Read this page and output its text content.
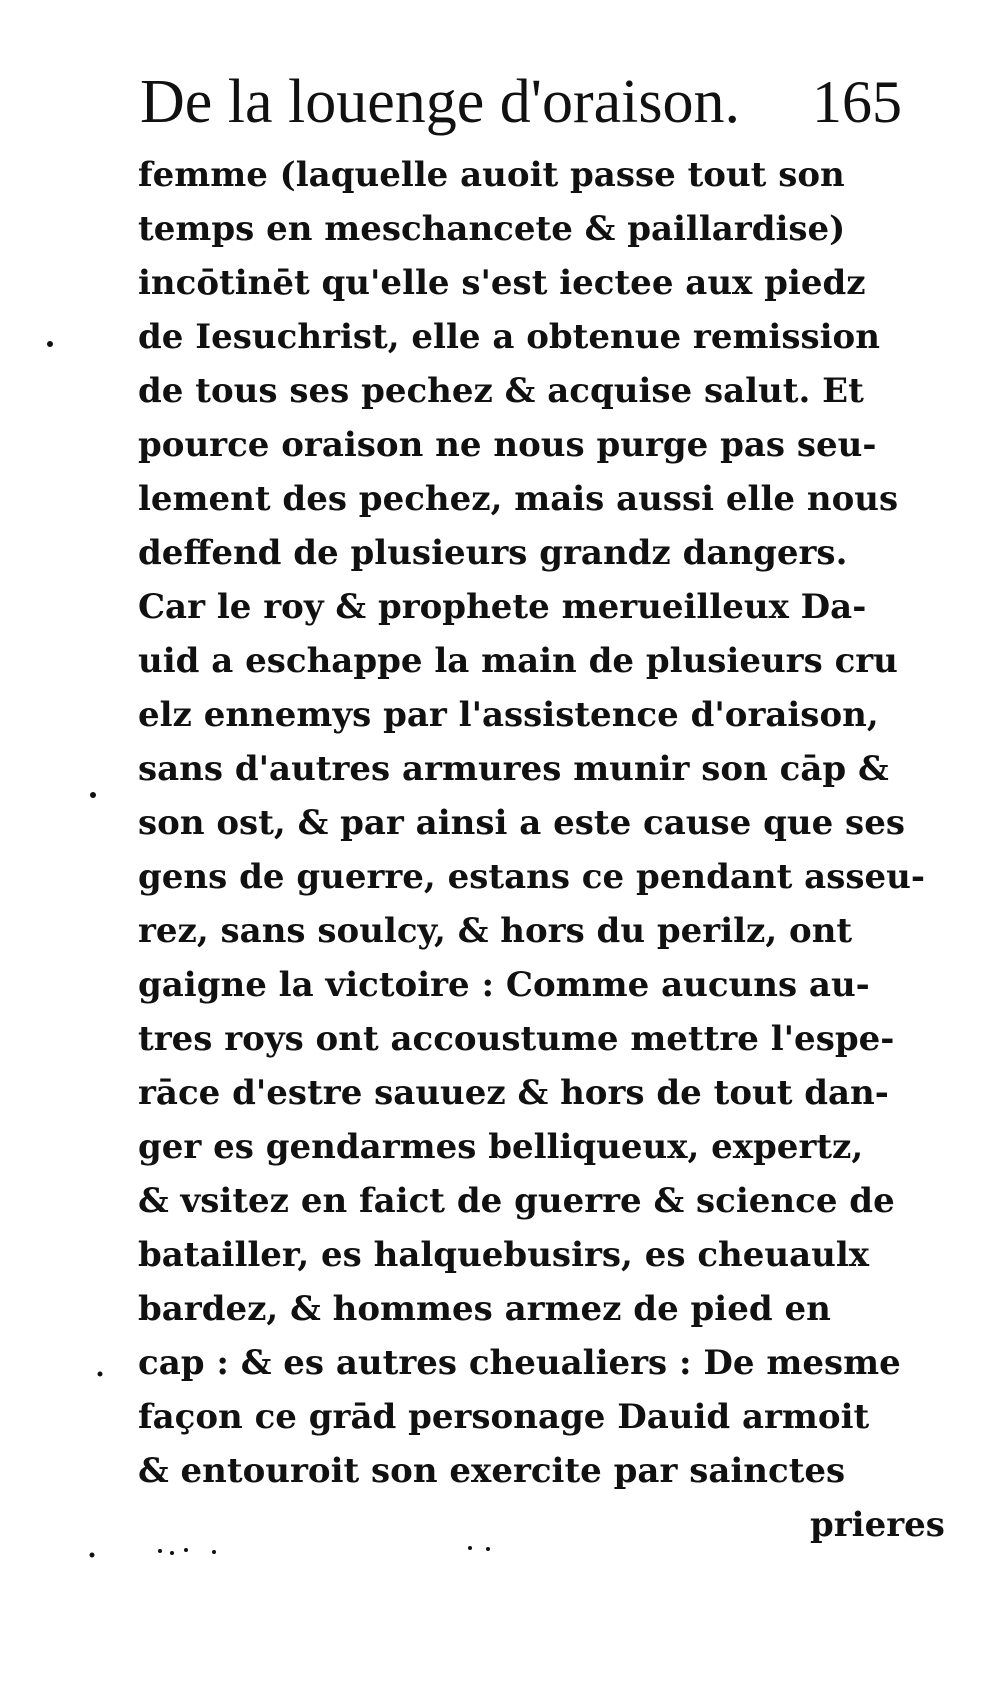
De la louenge d'oraison. 165
femme (laquelle auoit passe tout son
temps en meschancete & paillardise)
incōtinēt qu'elle s'est iectee aux piedz
de Iesuchrist, elle a obtenue remission
de tous ses pechez & acquise salut. Et
pource oraison ne nous purge pas seu-
lement des pechez, mais aussi elle nous
deffend de plusieurs grandz dangers.
Car le roy & prophete merueilleux Da-
uid a eschappe la main de plusieurs cru
elz ennemys par l'assistence d'oraison,
sans d'autres armures munir son cāp &
son ost, & par ainsi a este cause que ses
gens de guerre, estans ce pendant asseu-
rez, sans soulcy, & hors du perilz, ont
gaigne la victoire : Comme aucuns au-
tres roys ont accoustume mettre l'espe-
rāce d'estre sauuez & hors de tout dan-
ger es gendarmes belliqueux, expertz,
& vsitez en faict de guerre & science de
batailler, es halquebusirs, es cheuaulx
bardez, & hommes armez de pied en
cap : & es autres cheualiers : De mesme
façon ce grād personage Dauid armoit
& entouroit son exercite par sainctes
prieres
